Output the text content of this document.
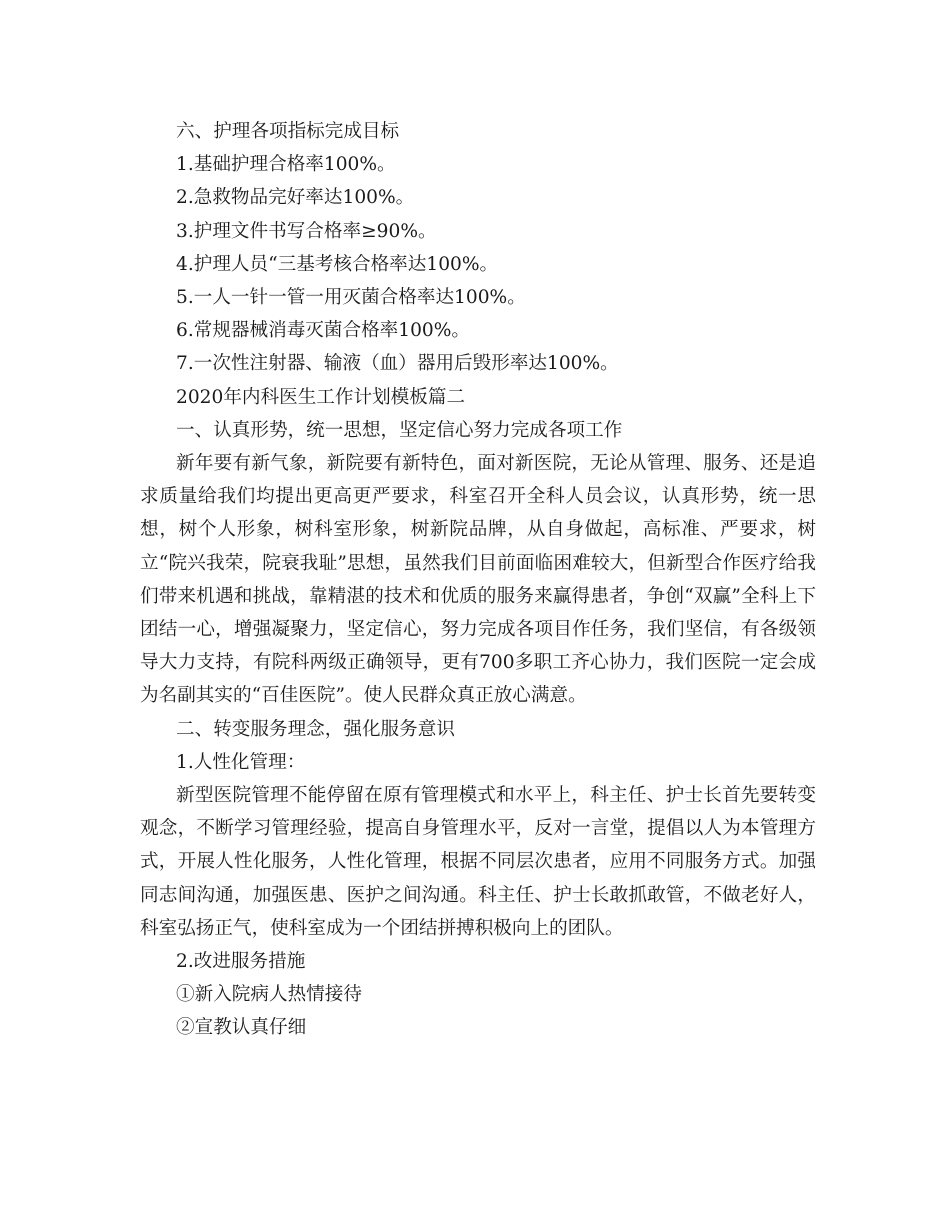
六、护理各项指标完成目标

1.基础护理合格率100%。

2.急救物品完好率达100%。

3.护理文件书写合格率≥90%。

4.护理人员“三基考核合格率达100%。

5.一人一针一管一用灭菌合格率达100%。

6.常规器械消毒灭菌合格率100%。

7.一次性注射器、输液（血）器用后毁形率达100%。

2020年内科医生工作计划模板篇二

一、认真形势，统一思想，坚定信心努力完成各项工作

新年要有新气象，新院要有新特色，面对新医院，无论从管理、服务、还是追求质量给我们均提出更高更严要求，科室召开全科人员会议，认真形势，统一思想，树个人形象，树科室形象，树新院品牌，从自身做起，高标准、严要求，树立“院兴我荣，院衰我耻”思想，虽然我们目前面临困难较大，但新型合作医疗给我们带来机遇和挑战，靠精湛的技术和优质的服务来赢得患者，争创“双赢”全科上下团结一心，增强凝聚力，坚定信心，努力完成各项目作任务，我们坚信，有各级领导大力支持，有院科两级正确领导，更有700多职工齐心协力，我们医院一定会成为名副其实的“百佳医院”。使人民群众真正放心满意。

二、转变服务理念，强化服务意识

1.人性化管理：

新型医院管理不能停留在原有管理模式和水平上，科主任、护士长首先要转变观念，不断学习管理经验，提高自身管理水平，反对一言堂，提倡以人为本管理方式，开展人性化服务，人性化管理，根据不同层次患者，应用不同服务方式。加强同志间沟通，加强医患、医护之间沟通。科主任、护士长敢抓敢管，不做老好人，科室弘扬正气，使科室成为一个团结拼搏积极向上的团队。

2.改进服务措施

①新入院病人热情接待

②宣教认真仔细
